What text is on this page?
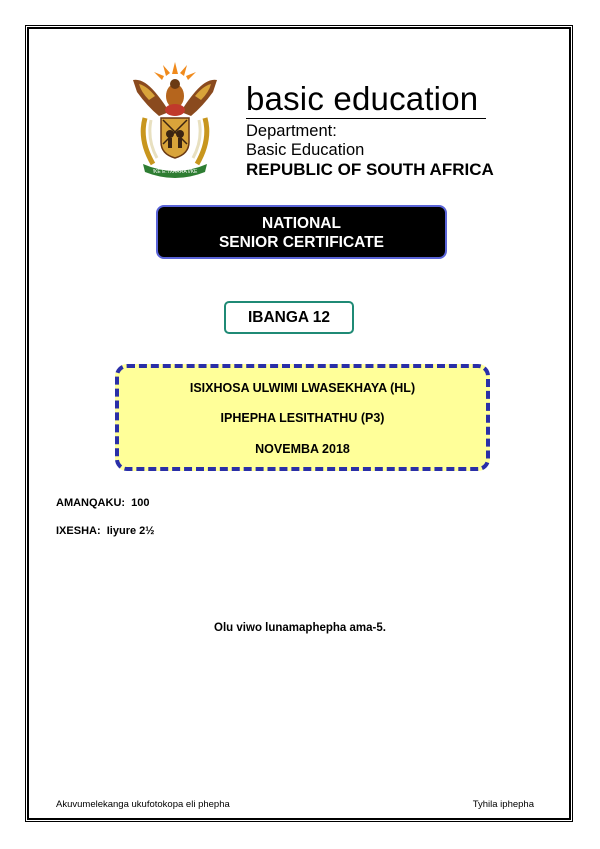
!KE E: /XARRA //KE
basic education
Department:
Basic Education
REPUBLIC OF SOUTH AFRICA
NATIONAL
SENIOR CERTIFICATE
IBANGA 12
ISIXHOSA ULWIMI LWASEKHAYA (HL)
IPHEPHA LESITHATHU (P3)
NOVEMBA 2018
AMANQAKU: 100
IXESHA: Iiyure 2½
Olu viwo lunamaphepha ama-5.
Akuvumelekanga ukufotokopa eli phepha	Tyhila iphepha
